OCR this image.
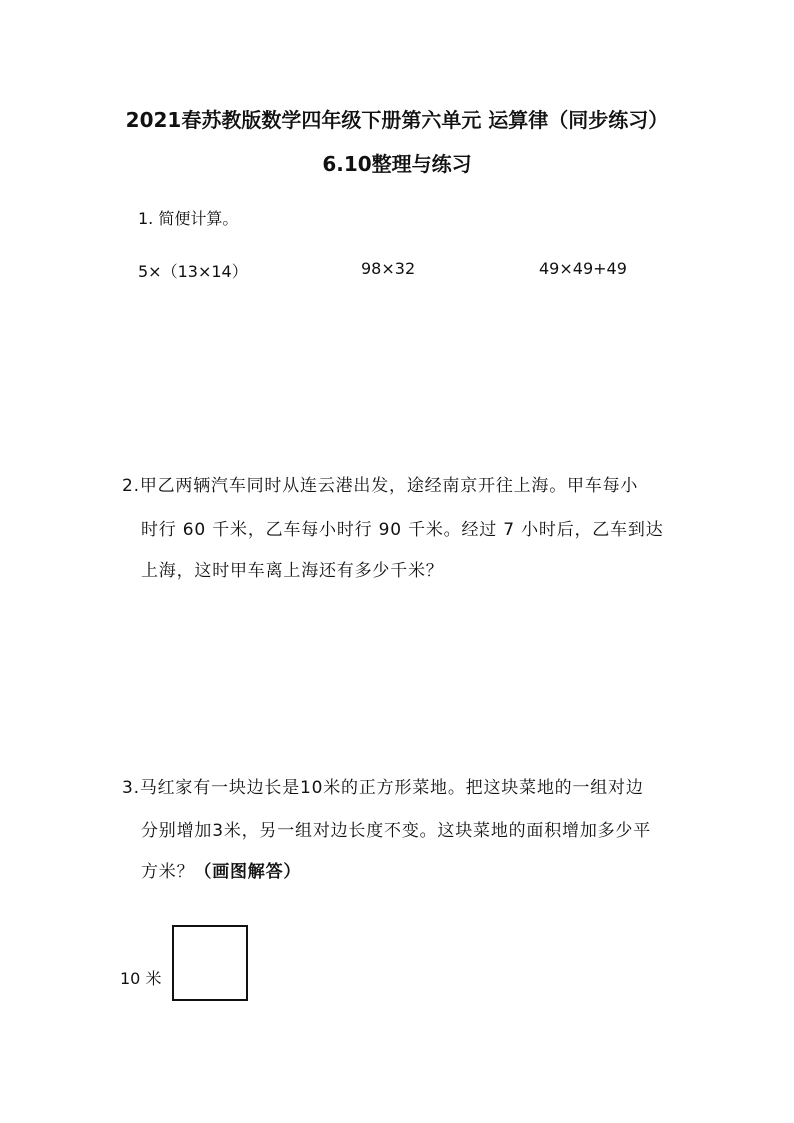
2021春苏教版数学四年级下册第六单元 运算律（同步练习）
6.10整理与练习
1. 简便计算。
5×（13×14）	98×32	49×49+49
2.甲乙两辆汽车同时从连云港出发，途经南京开往上海。甲车每小
时行 60 千米，乙车每小时行 90 千米。经过 7 小时后，乙车到达
上海，这时甲车离上海还有多少千米？
3.马红家有一块边长是10米的正方形菜地。把这块菜地的一组对边
分别增加3米，另一组对边长度不变。这块菜地的面积增加多少平
方米？（画图解答）
10 米
